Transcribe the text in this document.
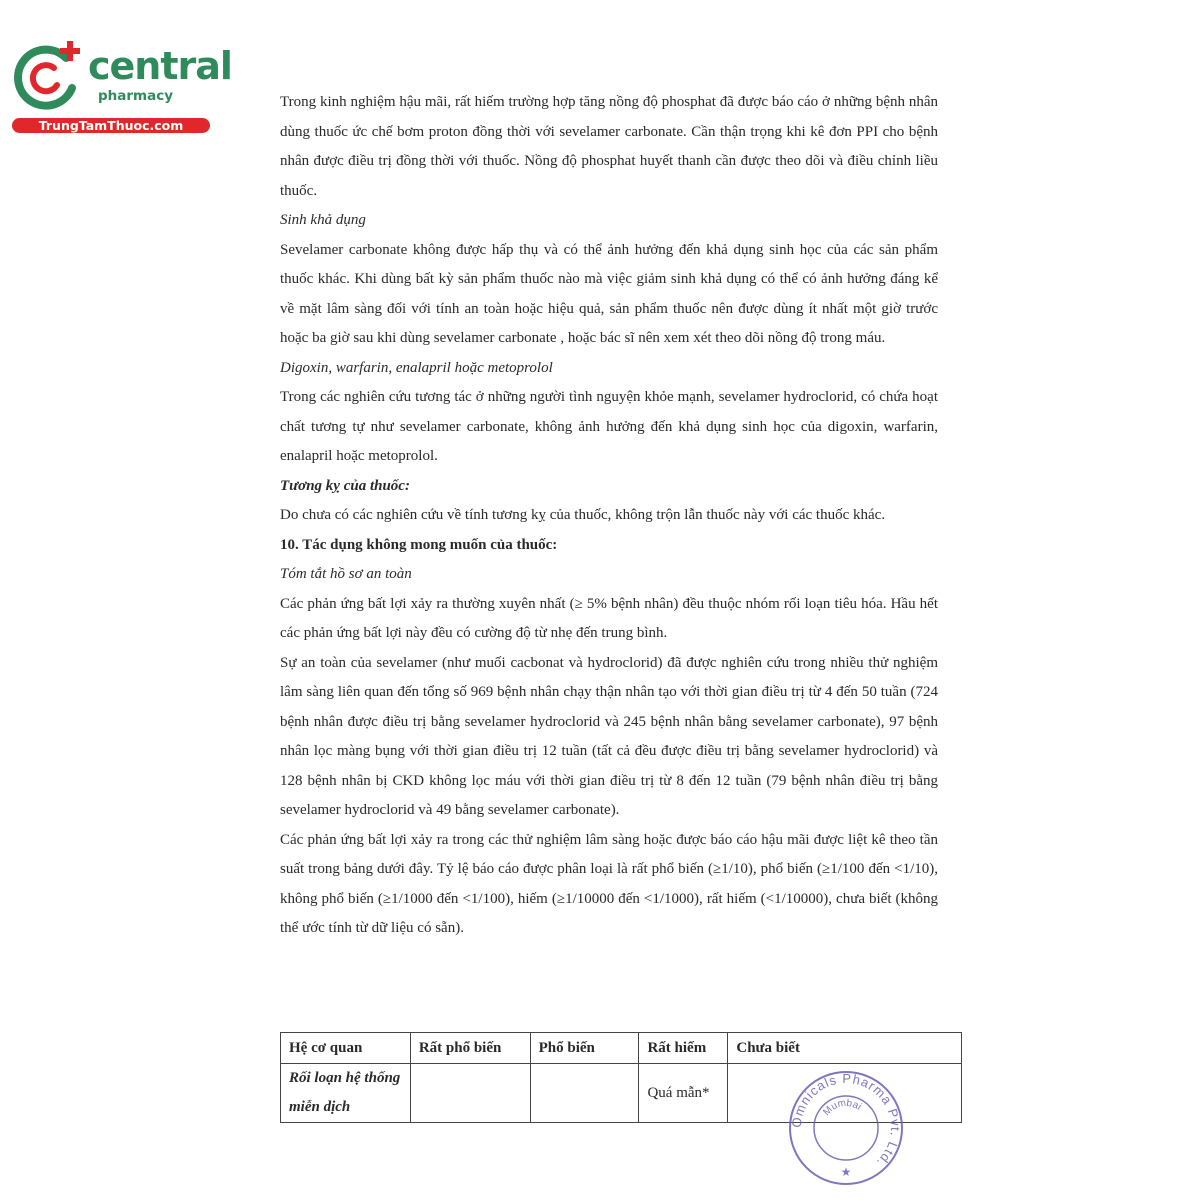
central
pharmacy
TrungTamThuoc.com

Trong kinh nghiệm hậu mãi, rất hiếm trường hợp tăng nồng độ phosphat đã được báo cáo ở những bệnh nhân dùng thuốc ức chế bơm proton đồng thời với sevelamer carbonate. Cần thận trọng khi kê đơn PPI cho bệnh nhân được điều trị đồng thời với thuốc. Nồng độ phosphat huyết thanh cần được theo dõi và điều chỉnh liều thuốc.

Sinh khả dụng

Sevelamer carbonate không được hấp thụ và có thể ảnh hưởng đến khả dụng sinh học của các sản phẩm thuốc khác. Khi dùng bất kỳ sản phẩm thuốc nào mà việc giảm sinh khả dụng có thể có ảnh hưởng đáng kể về mặt lâm sàng đối với tính an toàn hoặc hiệu quả, sản phẩm thuốc nên được dùng ít nhất một giờ trước hoặc ba giờ sau khi dùng sevelamer carbonate , hoặc bác sĩ nên xem xét theo dõi nồng độ trong máu.

Digoxin, warfarin, enalapril hoặc metoprolol

Trong các nghiên cứu tương tác ở những người tình nguyện khỏe mạnh, sevelamer hydroclorid, có chứa hoạt chất tương tự như sevelamer carbonate, không ảnh hưởng đến khả dụng sinh học của digoxin, warfarin, enalapril hoặc metoprolol.

Tương kỵ của thuốc:

Do chưa có các nghiên cứu về tính tương kỵ của thuốc, không trộn lẫn thuốc này với các thuốc khác.

10. Tác dụng không mong muốn của thuốc:

Tóm tắt hồ sơ an toàn

Các phản ứng bất lợi xảy ra thường xuyên nhất (≥ 5% bệnh nhân) đều thuộc nhóm rối loạn tiêu hóa. Hầu hết các phản ứng bất lợi này đều có cường độ từ nhẹ đến trung bình.

Sự an toàn của sevelamer (như muối cacbonat và hydroclorid) đã được nghiên cứu trong nhiều thử nghiệm lâm sàng liên quan đến tổng số 969 bệnh nhân chạy thận nhân tạo với thời gian điều trị từ 4 đến 50 tuần (724 bệnh nhân được điều trị bằng sevelamer hydroclorid và 245 bệnh nhân bằng sevelamer carbonate), 97 bệnh nhân lọc màng bụng với thời gian điều trị 12 tuần (tất cả đều được điều trị bằng sevelamer hydroclorid) và 128 bệnh nhân bị CKD không lọc máu với thời gian điều trị từ 8 đến 12 tuần (79 bệnh nhân điều trị bằng sevelamer hydroclorid và 49 bằng sevelamer carbonate).

Các phản ứng bất lợi xảy ra trong các thử nghiệm lâm sàng hoặc được báo cáo hậu mãi được liệt kê theo tần suất trong bảng dưới đây. Tỷ lệ báo cáo được phân loại là rất phổ biến (≥1/10), phổ biến (≥1/100 đến <1/10), không phổ biến (≥1/1000 đến <1/100), hiếm (≥1/10000 đến <1/1000), rất hiếm (<1/10000), chưa biết (không thể ước tính từ dữ liệu có sẵn).

Hệ cơ quan	Rất phổ biến	Phổ biến	Rất hiếm	Chưa biết
Rối loạn hệ thống miễn dịch			Quá mẫn*	
Omnicals Pharma Pvt. Ltd.
Mumbai
★
